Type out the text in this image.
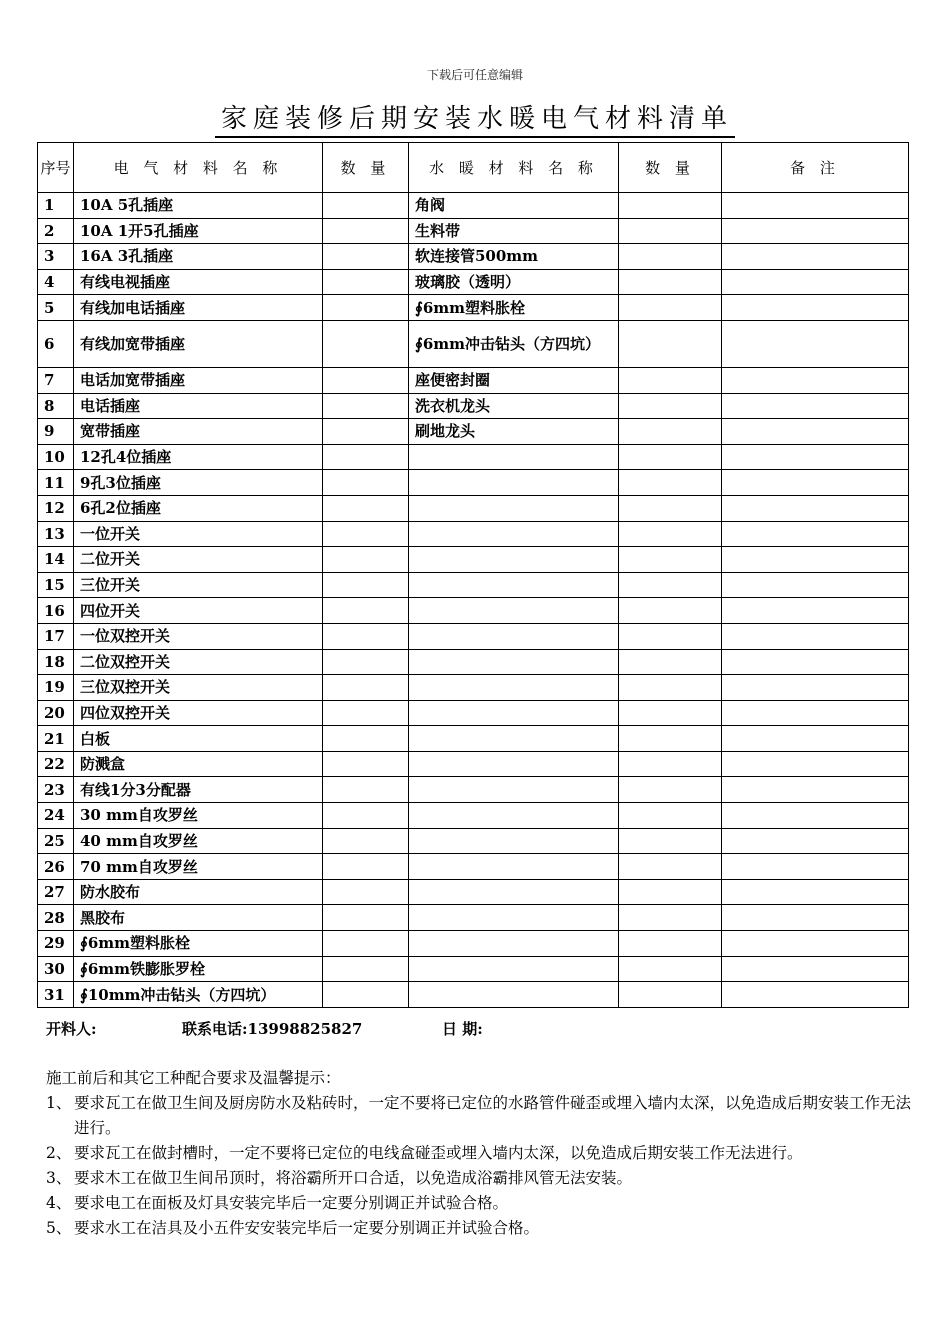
下载后可任意编辑
家庭装修后期安装水暖电气材料清单
序号	电 气 材 料 名 称	数 量	水 暖 材 料 名 称	数 量	备 注
1	10A 5孔插座		角阀		
2	10A 1开5孔插座		生料带		
3	16A 3孔插座		软连接管500mm		
4	有线电视插座		玻璃胶（透明）		
5	有线加电话插座		∮6mm塑料胀栓		
6	有线加宽带插座		∮6mm冲击钻头（方四坑）		
7	电话加宽带插座		座便密封圈		
8	电话插座		洗衣机龙头		
9	宽带插座		刷地龙头		
10	12孔4位插座				
11	9孔3位插座				
12	6孔2位插座				
13	一位开关				
14	二位开关				
15	三位开关				
16	四位开关				
17	一位双控开关				
18	二位双控开关				
19	三位双控开关				
20	四位双控开关				
21	白板				
22	防溅盒				
23	有线1分3分配器				
24	30 mm自攻罗丝				
25	40 mm自攻罗丝				
26	70 mm自攻罗丝				
27	防水胶布				
28	黑胶布				
29	∮6mm塑料胀栓				
30	∮6mm铁膨胀罗栓				
31	∮10mm冲击钻头（方四坑）				
开料人:	联系电话:13998825827	日 期:
施工前后和其它工种配合要求及温馨提示：
1、 要求瓦工在做卫生间及厨房防水及粘砖时，一定不要将已定位的水路管件碰歪或埋入墙内太深，以免造成后期安装工作无法进行。
2、 要求瓦工在做封槽时，一定不要将已定位的电线盒碰歪或埋入墙内太深，以免造成后期安装工作无法进行。
3、 要求木工在做卫生间吊顶时，将浴霸所开口合适，以免造成浴霸排风管无法安装。
4、 要求电工在面板及灯具安装完毕后一定要分别调正并试验合格。
5、 要求水工在洁具及小五件安安装完毕后一定要分别调正并试验合格。
